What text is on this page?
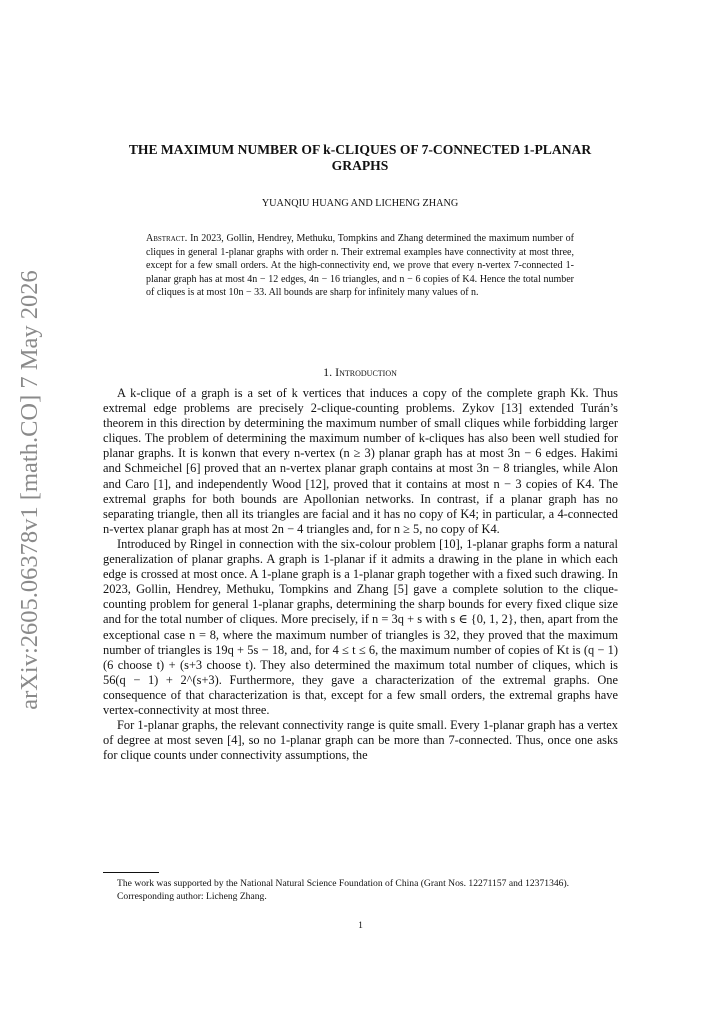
arXiv:2605.06378v1 [math.CO] 7 May 2026
THE MAXIMUM NUMBER OF k-CLIQUES OF 7-CONNECTED 1-PLANAR GRAPHS
YUANQIU HUANG AND LICHENG ZHANG
Abstract. In 2023, Gollin, Hendrey, Methuku, Tompkins and Zhang determined the maximum number of cliques in general 1-planar graphs with order n. Their extremal examples have connectivity at most three, except for a few small orders. At the high-connectivity end, we prove that every n-vertex 7-connected 1-planar graph has at most 4n − 12 edges, 4n − 16 triangles, and n − 6 copies of K4. Hence the total number of cliques is at most 10n − 33. All bounds are sharp for infinitely many values of n.
1. Introduction

A k-clique of a graph is a set of k vertices that induces a copy of the complete graph Kk. Thus extremal edge problems are precisely 2-clique-counting problems. Zykov [13] extended Turán’s theorem in this direction by determining the maximum number of small cliques while forbidding larger cliques. The problem of determining the maximum number of k-cliques has also been well studied for planar graphs. It is konwn that every n-vertex (n ≥ 3) planar graph has at most 3n − 6 edges. Hakimi and Schmeichel [6] proved that an n-vertex planar graph contains at most 3n − 8 triangles, while Alon and Caro [1], and independently Wood [12], proved that it contains at most n − 3 copies of K4. The extremal graphs for both bounds are Apollonian networks. In contrast, if a planar graph has no separating triangle, then all its triangles are facial and it has no copy of K4; in particular, a 4-connected n-vertex planar graph has at most 2n − 4 triangles and, for n ≥ 5, no copy of K4.

Introduced by Ringel in connection with the six-colour problem [10], 1-planar graphs form a natural generalization of planar graphs. A graph is 1-planar if it admits a drawing in the plane in which each edge is crossed at most once. A 1-plane graph is a 1-planar graph together with a fixed such drawing. In 2023, Gollin, Hendrey, Methuku, Tompkins and Zhang [5] gave a complete solution to the clique-counting problem for general 1-planar graphs, determining the sharp bounds for every fixed clique size and for the total number of cliques. More precisely, if n = 3q + s with s ∈ {0, 1, 2}, then, apart from the exceptional case n = 8, where the maximum number of triangles is 32, they proved that the maximum number of triangles is 19q + 5s − 18, and, for 4 ≤ t ≤ 6, the maximum number of copies of Kt is (q − 1)(6 choose t) + (s+3 choose t). They also determined the maximum total number of cliques, which is 56(q − 1) + 2^(s+3). Furthermore, they gave a characterization of the extremal graphs. One consequence of that characterization is that, except for a few small orders, the extremal graphs have vertex-connectivity at most three.

For 1-planar graphs, the relevant connectivity range is quite small. Every 1-planar graph has a vertex of degree at most seven [4], so no 1-planar graph can be more than 7-connected. Thus, once one asks for clique counts under connectivity assumptions, the

The work was supported by the National Natural Science Foundation of China (Grant Nos. 12271157 and 12371346).

Corresponding author: Licheng Zhang.

1
